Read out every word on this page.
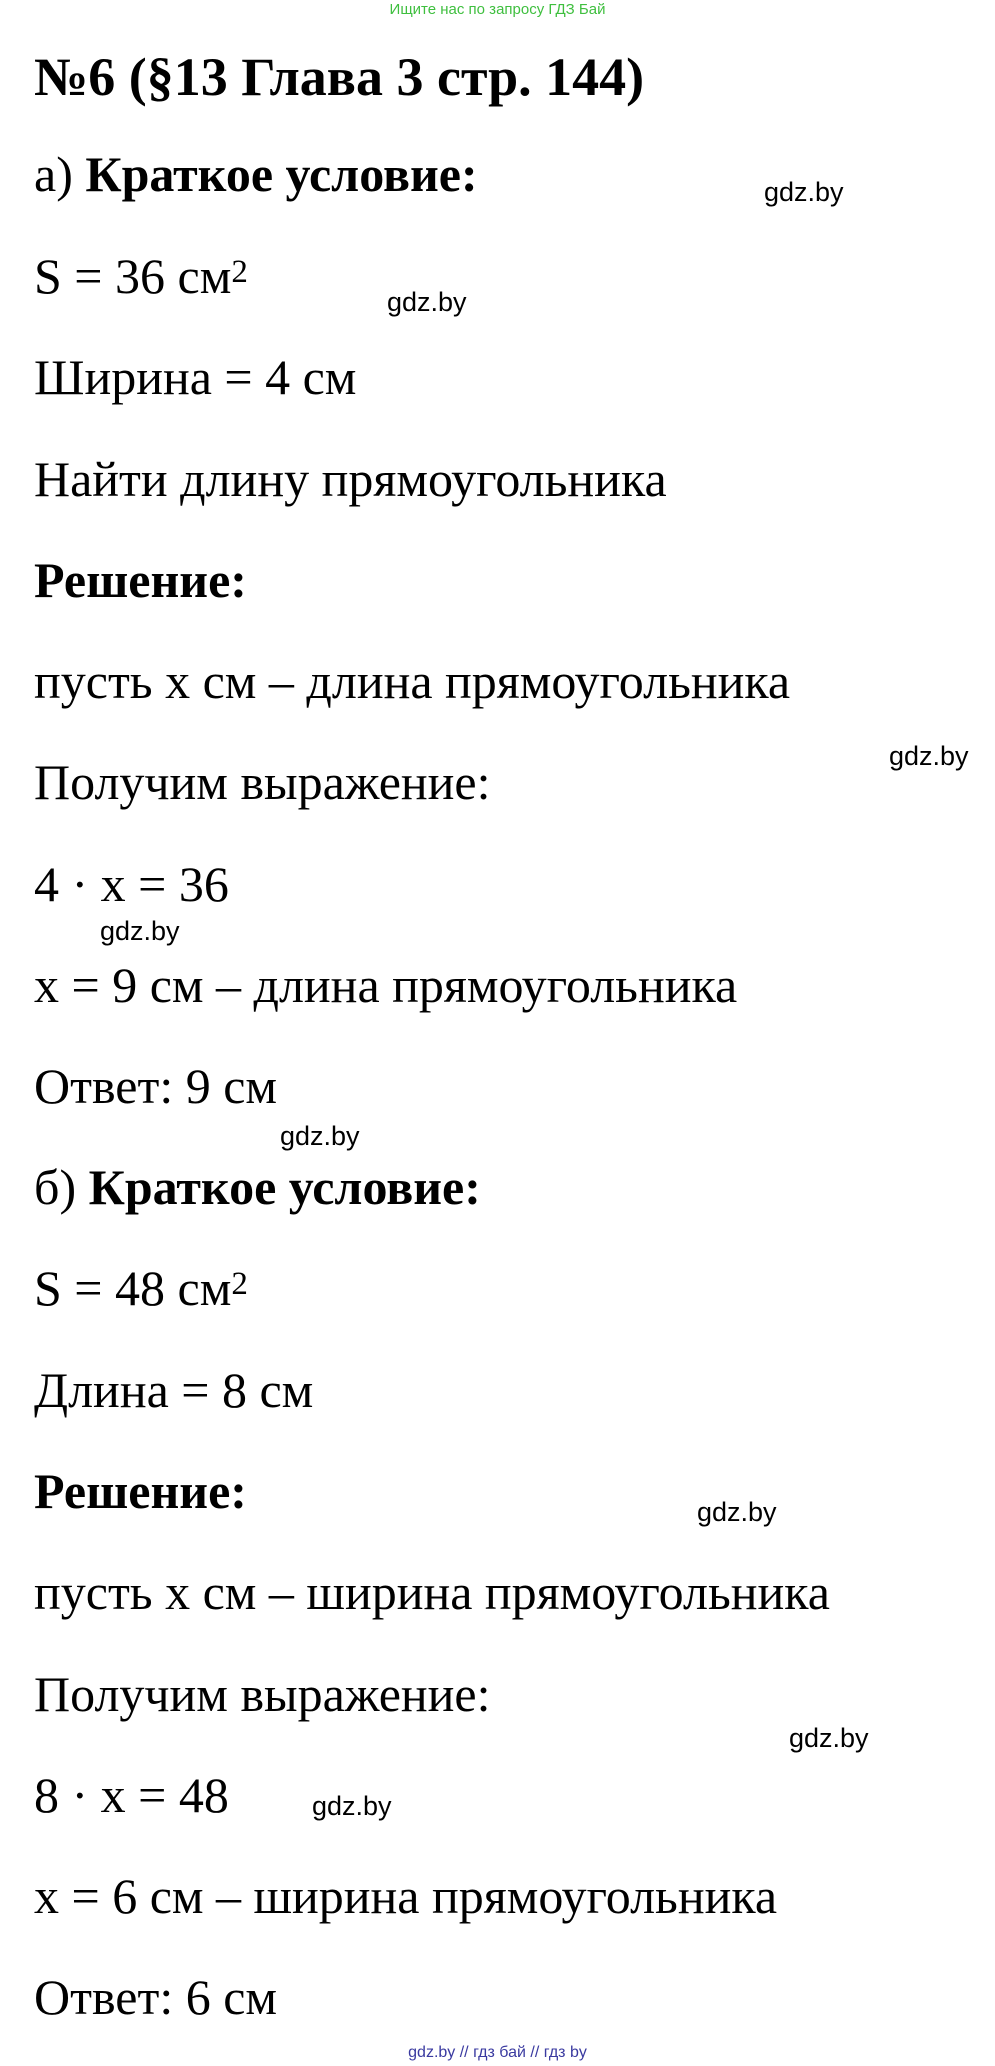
Ищите нас по запросу ГДЗ Бай
№6 (§13 Глава 3 стр. 144)
а) Краткое условие:
S = 36 $см^2$
Ширина = 4 см
Найти длину прямоугольника
Решение:
пусть x см – длина прямоугольника
Получим выражение:
4 · x = 36
x = 9 см – длина прямоугольника
Ответ: 9 см
б) Краткое условие:
S = 48 $см^2$
Длина = 8 см
Решение:
пусть x см – ширина прямоугольника
Получим выражение:
8 · x = 48
x = 6 см – ширина прямоугольника
Ответ: 6 см
gdz.by
gdz.by
gdz.by
gdz.by
gdz.by
gdz.by
gdz.by
gdz.by
gdz.by // гдз бай // гдз by
